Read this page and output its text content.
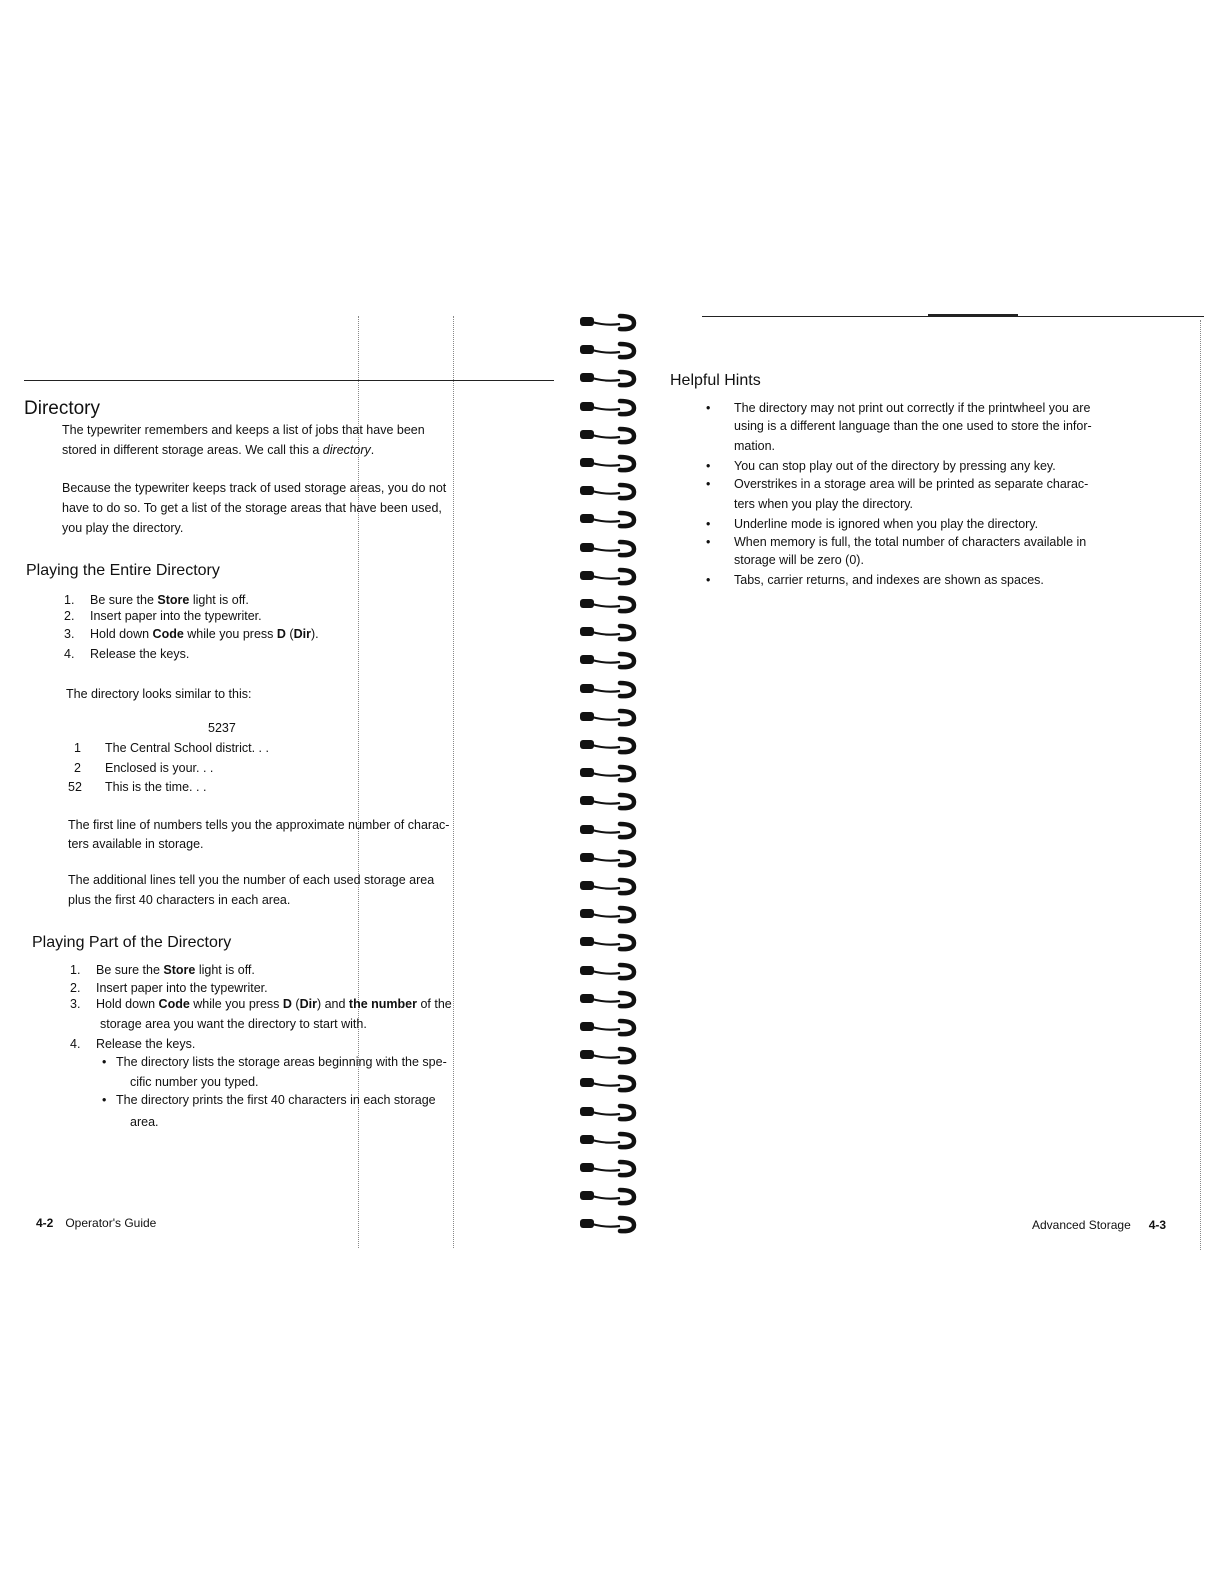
Directory
The typewriter remembers and keeps a list of jobs that have been
stored in different storage areas. We call this a directory.
Because the typewriter keeps track of used storage areas, you do not
have to do so. To get a list of the storage areas that have been used,
you play the directory.
Playing the Entire Directory
1. Be sure the Store light is off.
2. Insert paper into the typewriter.
3. Hold down Code while you press D (Dir).
4. Release the keys.
The directory looks similar to this:
5237
1 The Central School district. . .
2 Enclosed is your. . .
52 This is the time. . .
The first line of numbers tells you the approximate number of charac-
ters available in storage.
The additional lines tell you the number of each used storage area
plus the first 40 characters in each area.
Playing Part of the Directory
1. Be sure the Store light is off.
2. Insert paper into the typewriter.
3. Hold down Code while you press D (Dir) and the number of the
storage area you want the directory to start with.
4. Release the keys.
• The directory lists the storage areas beginning with the spe-
cific number you typed.
• The directory prints the first 40 characters in each storage
area.
4-2 Operator's Guide
Helpful Hints
• The directory may not print out correctly if the printwheel you are
using is a different language than the one used to store the infor-
mation.
• You can stop play out of the directory by pressing any key.
• Overstrikes in a storage area will be printed as separate charac-
ters when you play the directory.
• Underline mode is ignored when you play the directory.
• When memory is full, the total number of characters available in
storage will be zero (0).
• Tabs, carrier returns, and indexes are shown as spaces.
Advanced Storage 4-3
